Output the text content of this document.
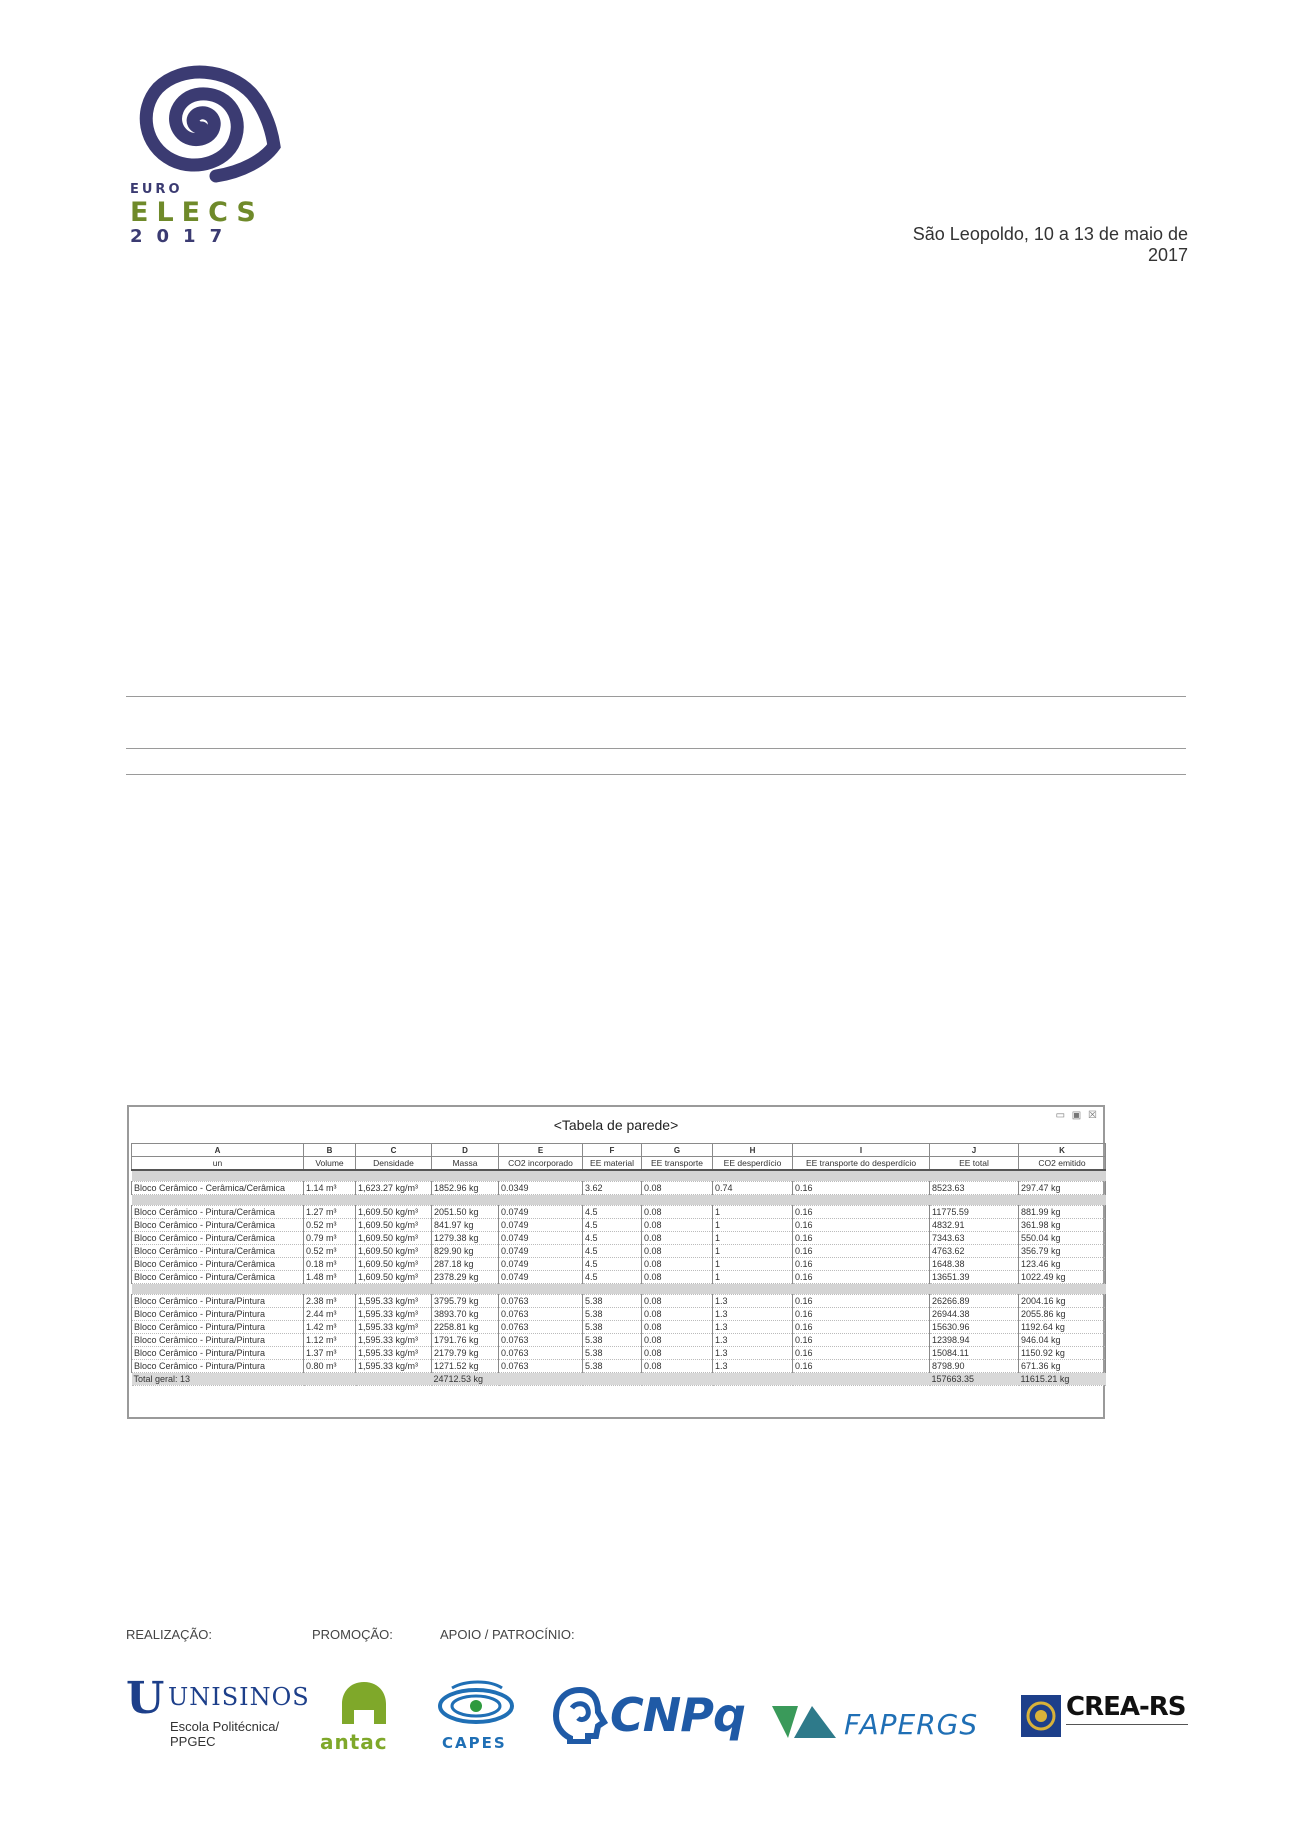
EURO
ELECS
2017	São Leopoldo, 10 a 13 de maio de 2017
▭ ▣ ☒
<Tabela de parede>
A	B	C	D	E	F	G	H	I	J	K
un	Volume	Densidade	Massa	CO2 incorporado	EE material	EE transporte	EE desperdício	EE transporte do desperdício	EE total	CO2 emitido

Bloco Cerâmico - Cerâmica/Cerâmica	1.14 m³	1,623.27 kg/m³	1852.96 kg	0.0349	3.62	0.08	0.74	0.16	8523.63	297.47 kg

Bloco Cerâmico - Pintura/Cerâmica	1.27 m³	1,609.50 kg/m³	2051.50 kg	0.0749	4.5	0.08	1	0.16	11775.59	881.99 kg
Bloco Cerâmico - Pintura/Cerâmica	0.52 m³	1,609.50 kg/m³	841.97 kg	0.0749	4.5	0.08	1	0.16	4832.91	361.98 kg
Bloco Cerâmico - Pintura/Cerâmica	0.79 m³	1,609.50 kg/m³	1279.38 kg	0.0749	4.5	0.08	1	0.16	7343.63	550.04 kg
Bloco Cerâmico - Pintura/Cerâmica	0.52 m³	1,609.50 kg/m³	829.90 kg	0.0749	4.5	0.08	1	0.16	4763.62	356.79 kg
Bloco Cerâmico - Pintura/Cerâmica	0.18 m³	1,609.50 kg/m³	287.18 kg	0.0749	4.5	0.08	1	0.16	1648.38	123.46 kg
Bloco Cerâmico - Pintura/Cerâmica	1.48 m³	1,609.50 kg/m³	2378.29 kg	0.0749	4.5	0.08	1	0.16	13651.39	1022.49 kg

Bloco Cerâmico - Pintura/Pintura	2.38 m³	1,595.33 kg/m³	3795.79 kg	0.0763	5.38	0.08	1.3	0.16	26266.89	2004.16 kg
Bloco Cerâmico - Pintura/Pintura	2.44 m³	1,595.33 kg/m³	3893.70 kg	0.0763	5.38	0.08	1.3	0.16	26944.38	2055.86 kg
Bloco Cerâmico - Pintura/Pintura	1.42 m³	1,595.33 kg/m³	2258.81 kg	0.0763	5.38	0.08	1.3	0.16	15630.96	1192.64 kg
Bloco Cerâmico - Pintura/Pintura	1.12 m³	1,595.33 kg/m³	1791.76 kg	0.0763	5.38	0.08	1.3	0.16	12398.94	946.04 kg
Bloco Cerâmico - Pintura/Pintura	1.37 m³	1,595.33 kg/m³	2179.79 kg	0.0763	5.38	0.08	1.3	0.16	15084.11	1150.92 kg
Bloco Cerâmico - Pintura/Pintura	0.80 m³	1,595.33 kg/m³	1271.52 kg	0.0763	5.38	0.08	1.3	0.16	8798.90	671.36 kg
Total geral: 13			24712.53 kg						157663.35	11615.21 kg
REALIZAÇÃO:	PROMOÇÃO:	APOIO / PATROCÍNIO:
U UNISINOS
Escola Politécnica/
PPGEC	antac	CAPES
CNPq	FAPERGS
CREA-RS
